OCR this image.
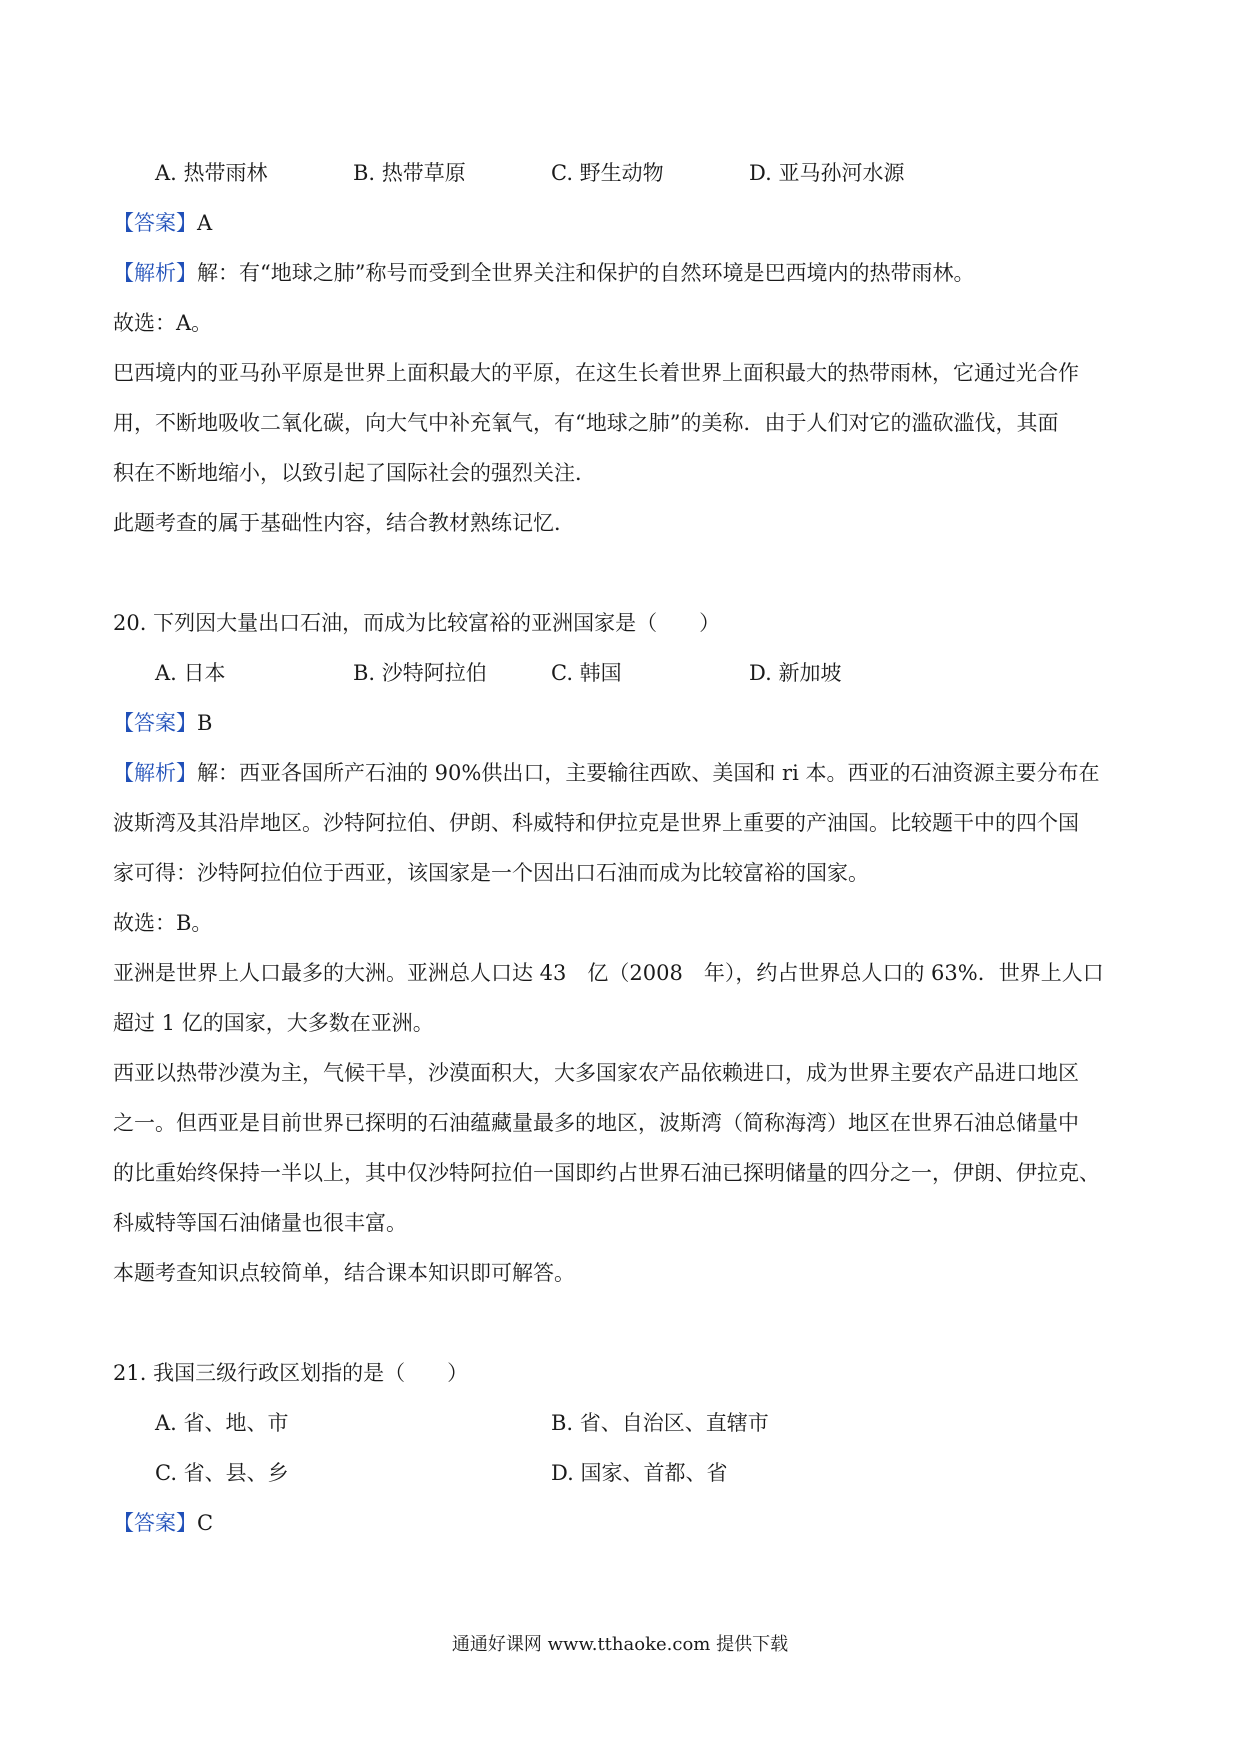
A. 热带雨林	B. 热带草原	C. 野生动物	D. 亚马孙河水源
【答案】A
【解析】解：有“地球之肺”称号而受到全世界关注和保护的自然环境是巴西境内的热带雨林。
故选：A。
巴西境内的亚马孙平原是世界上面积最大的平原，在这生长着世界上面积最大的热带雨林，它通过光合作
用，不断地吸收二氧化碳，向大气中补充氧气，有“地球之肺”的美称．由于人们对它的滥砍滥伐，其面
积在不断地缩小，以致引起了国际社会的强烈关注．
此题考查的属于基础性内容，结合教材熟练记忆．
20. 下列因大量出口石油，而成为比较富裕的亚洲国家是（　　）
A. 日本	B. 沙特阿拉伯	C. 韩国	D. 新加坡
【答案】B
【解析】解：西亚各国所产石油的 90%供出口，主要输往西欧、美国和 ri 本。西亚的石油资源主要分布在
波斯湾及其沿岸地区。沙特阿拉伯、伊朗、科威特和伊拉克是世界上重要的产油国。比较题干中的四个国
家可得：沙特阿拉伯位于西亚，该国家是一个因出口石油而成为比较富裕的国家。
故选：B。
亚洲是世界上人口最多的大洲。亚洲总人口达 43　亿（2008　年），约占世界总人口的 63%．世界上人口
超过 1 亿的国家，大多数在亚洲。
西亚以热带沙漠为主，气候干旱，沙漠面积大，大多国家农产品依赖进口，成为世界主要农产品进口地区
之一。但西亚是目前世界已探明的石油蕴藏量最多的地区，波斯湾（简称海湾）地区在世界石油总储量中
的比重始终保持一半以上，其中仅沙特阿拉伯一国即约占世界石油已探明储量的四分之一，伊朗、伊拉克、
科威特等国石油储量也很丰富。
本题考查知识点较简单，结合课本知识即可解答。
21. 我国三级行政区划指的是（　　）
A. 省、地、市	B. 省、自治区、直辖市
C. 省、县、乡	D. 国家、首都、省
【答案】C
通通好课网 www.tthaoke.com 提供下载
